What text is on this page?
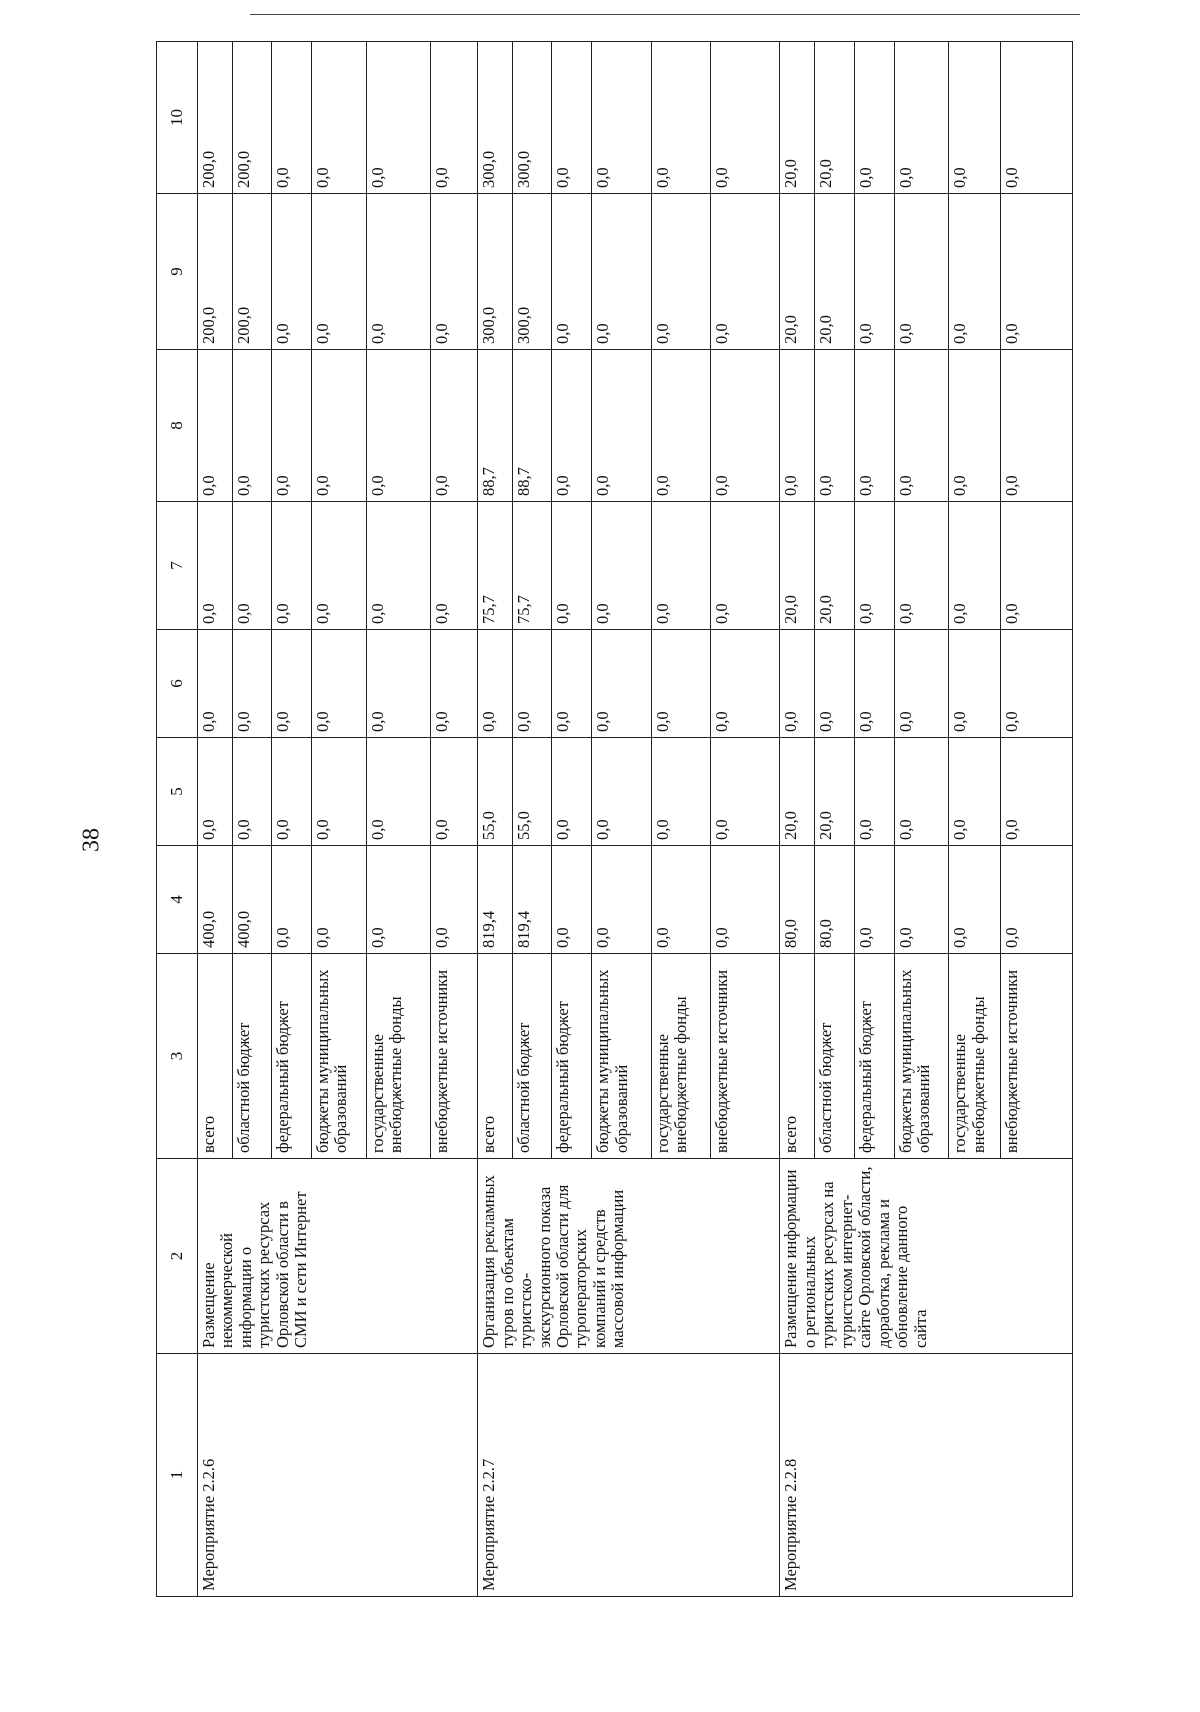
38
1	2	3	4	5	6	7	8	9	10
Мероприятие 2.2.6	Размещение некоммерческой информации о туристских ресурсах Орловской области в СМИ и сети Интернет	всего	400,0	0,0	0,0	0,0	0,0	200,0	200,0
		областной бюджет	400,0	0,0	0,0	0,0	0,0	200,0	200,0
		федеральный бюджет	0,0	0,0	0,0	0,0	0,0	0,0	0,0
		бюджеты муниципальных образований	0,0	0,0	0,0	0,0	0,0	0,0	0,0
		государственные внебюджетные фонды	0,0	0,0	0,0	0,0	0,0	0,0	0,0
		внебюджетные источники	0,0	0,0	0,0	0,0	0,0	0,0	0,0
Мероприятие 2.2.7	Организация рекламных туров по объектам туристско-экскурсионного показа Орловской области для туроператорских компаний и средств массовой информации	всего	819,4	55,0	0,0	75,7	88,7	300,0	300,0
		областной бюджет	819,4	55,0	0,0	75,7	88,7	300,0	300,0
		федеральный бюджет	0,0	0,0	0,0	0,0	0,0	0,0	0,0
		бюджеты муниципальных образований	0,0	0,0	0,0	0,0	0,0	0,0	0,0
		государственные внебюджетные фонды	0,0	0,0	0,0	0,0	0,0	0,0	0,0
		внебюджетные источники	0,0	0,0	0,0	0,0	0,0	0,0	0,0
Мероприятие 2.2.8	Размещение информации о региональных туристских ресурсах на туристском интернет-сайте Орловской области, доработка, реклама и обновление данного сайта	всего	80,0	20,0	0,0	20,0	0,0	20,0	20,0
		областной бюджет	80,0	20,0	0,0	20,0	0,0	20,0	20,0
		федеральный бюджет	0,0	0,0	0,0	0,0	0,0	0,0	0,0
		бюджеты муниципальных образований	0,0	0,0	0,0	0,0	0,0	0,0	0,0
		государственные внебюджетные фонды	0,0	0,0	0,0	0,0	0,0	0,0	0,0
		внебюджетные источники	0,0	0,0	0,0	0,0	0,0	0,0	0,0
